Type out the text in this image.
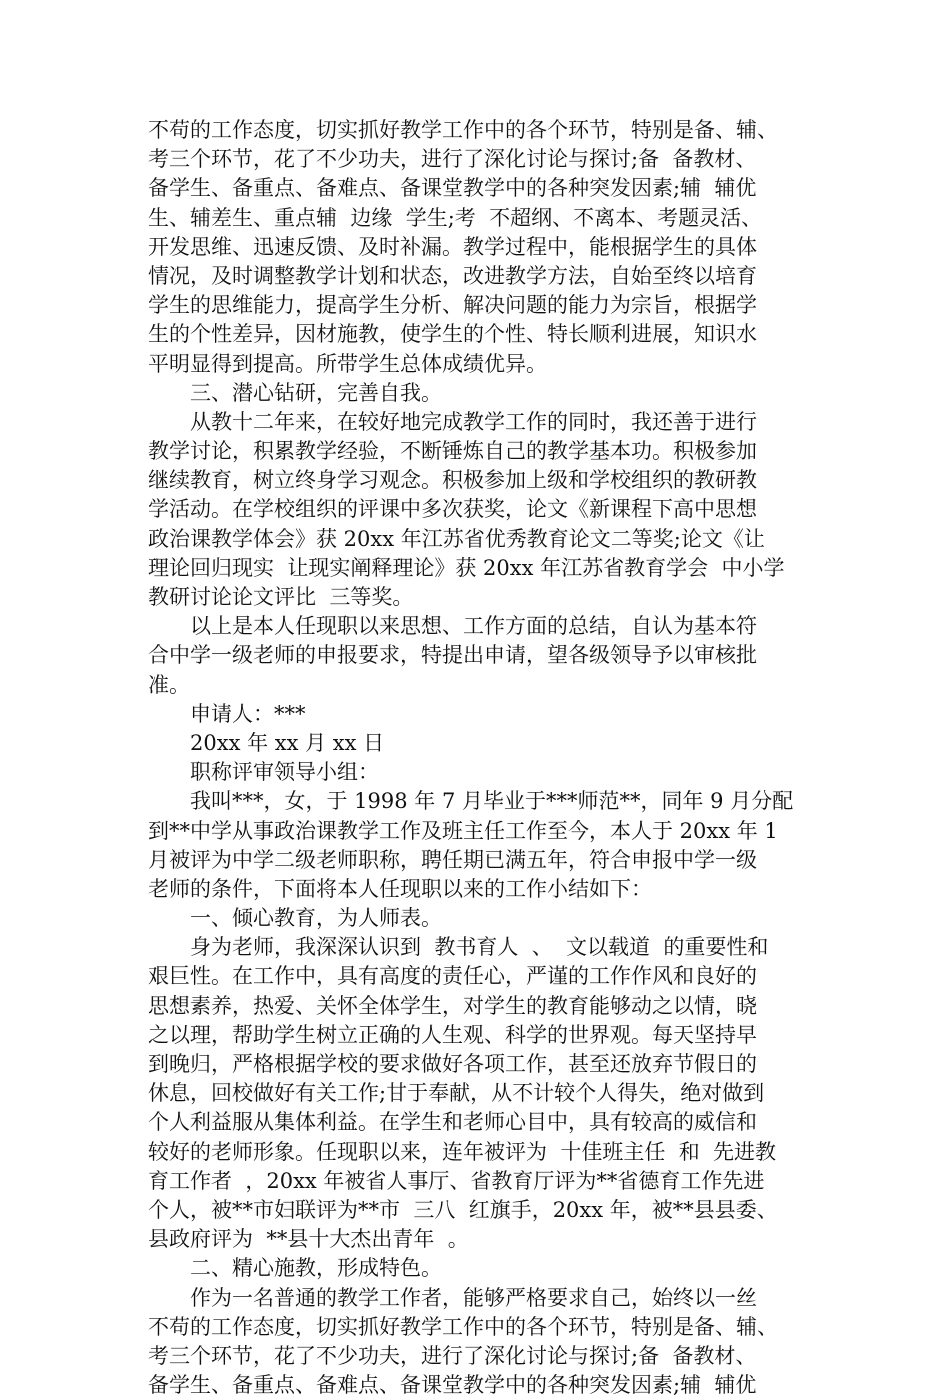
不苟的工作态度，切实抓好教学工作中的各个环节，特别是备、辅、
考三个环节，花了不少功夫，进行了深化讨论与探讨;备  备教材、
备学生、备重点、备难点、备课堂教学中的各种突发因素;辅  辅优
生、辅差生、重点辅  边缘  学生;考  不超纲、不离本、考题灵活、
开发思维、迅速反馈、及时补漏。教学过程中，能根据学生的具体
情况，及时调整教学计划和状态，改进教学方法，自始至终以培育
学生的思维能力，提高学生分析、解决问题的能力为宗旨，根据学
生的个性差异，因材施教，使学生的个性、特长顺利进展，知识水
平明显得到提高。所带学生总体成绩优异。
三、潜心钻研，完善自我。
从教十二年来，在较好地完成教学工作的同时，我还善于进行
教学讨论，积累教学经验，不断锤炼自己的教学基本功。积极参加
继续教育，树立终身学习观念。积极参加上级和学校组织的教研教
学活动。在学校组织的评课中多次获奖，论文《新课程下高中思想
政治课教学体会》获 20xx 年江苏省优秀教育论文二等奖;论文《让
理论回归现实  让现实阐释理论》获 20xx 年江苏省教育学会  中小学
教研讨论论文评比  三等奖。
以上是本人任现职以来思想、工作方面的总结，自认为基本符
合中学一级老师的申报要求，特提出申请，望各级领导予以审核批
准。
申请人：***
20xx 年 xx 月 xx 日
职称评审领导小组：
我叫***，女，于 1998 年 7 月毕业于***师范**，同年 9 月分配
到**中学从事政治课教学工作及班主任工作至今，本人于 20xx 年 1
月被评为中学二级老师职称，聘任期已满五年，符合申报中学一级
老师的条件，下面将本人任现职以来的工作小结如下：
一、倾心教育，为人师表。
身为老师，我深深认识到  教书育人  、  文以载道  的重要性和
艰巨性。在工作中，具有高度的责任心，严谨的工作作风和良好的
思想素养，热爱、关怀全体学生，对学生的教育能够动之以情，晓
之以理，帮助学生树立正确的人生观、科学的世界观。每天坚持早
到晚归，严格根据学校的要求做好各项工作，甚至还放弃节假日的
休息，回校做好有关工作;甘于奉献，从不计较个人得失，绝对做到
个人利益服从集体利益。在学生和老师心目中，具有较高的威信和
较好的老师形象。任现职以来，连年被评为  十佳班主任  和  先进教
育工作者  ，20xx 年被省人事厅、省教育厅评为**省德育工作先进
个人，被**市妇联评为**市  三八  红旗手，20xx 年，被**县县委、
县政府评为  **县十大杰出青年  。
二、精心施教，形成特色。
作为一名普通的教学工作者，能够严格要求自己，始终以一丝
不苟的工作态度，切实抓好教学工作中的各个环节，特别是备、辅、
考三个环节，花了不少功夫，进行了深化讨论与探讨;备  备教材、
备学生、备重点、备难点、备课堂教学中的各种突发因素;辅  辅优
